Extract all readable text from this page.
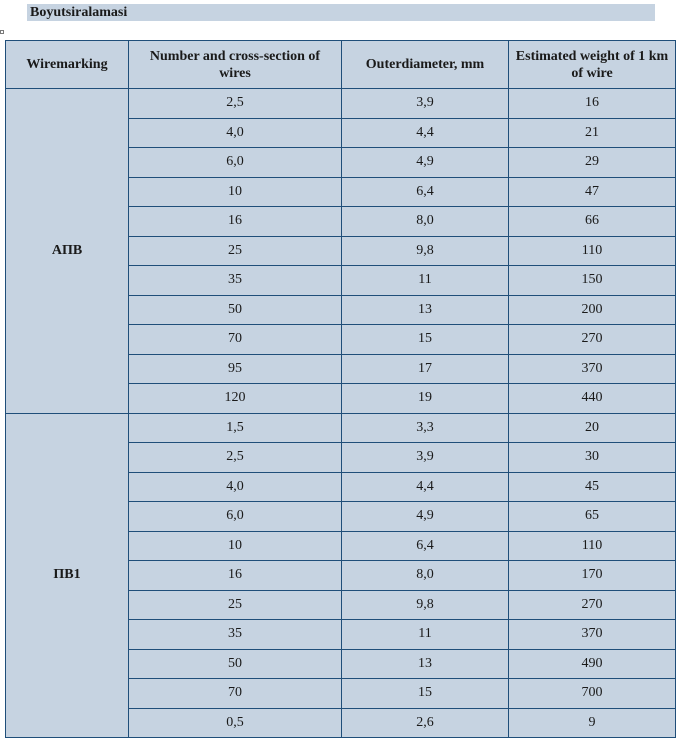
Boyutsiralamasi
Wiremarking	Number and cross-section of wires	Outerdiameter, mm	Estimated weight of 1 km of wire
AПВ	2,5	3,9	16
	4,0	4,4	21
	6,0	4,9	29
	10	6,4	47
	16	8,0	66
	25	9,8	110
	35	11	150
	50	13	200
	70	15	270
	95	17	370
	120	19	440
ПВ1	1,5	3,3	20
	2,5	3,9	30
	4,0	4,4	45
	6,0	4,9	65
	10	6,4	110
	16	8,0	170
	25	9,8	270
	35	11	370
	50	13	490
	70	15	700
	0,5	2,6	9
